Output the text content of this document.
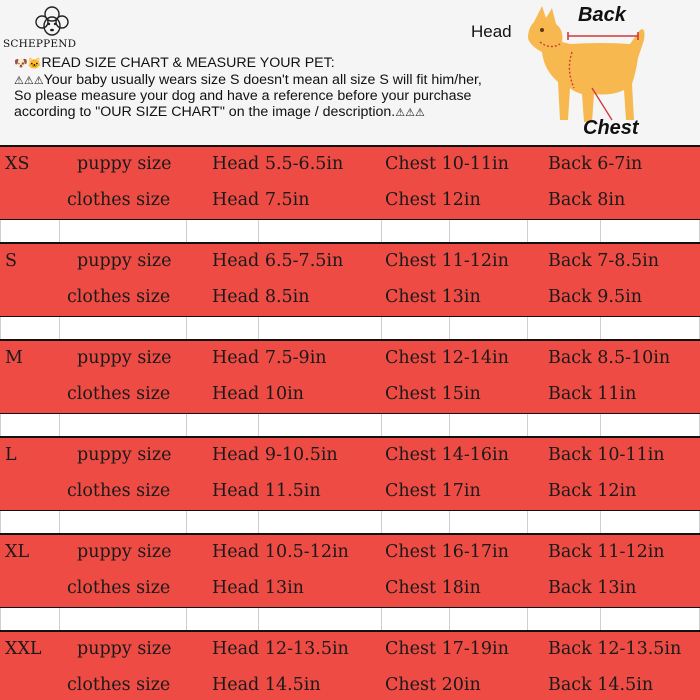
SCHEPPEND
🐶🐱READ SIZE CHART & MEASURE YOUR PET:
⚠⚠⚠Your baby usually wears size S doesn't mean all size S will fit him/her, So please measure your dog and have a reference before your purchase according to "OUR SIZE CHART" on the image / description.⚠⚠⚠
Head
Back
Chest
XS	puppy size Head 5.5-6.5in Chest 10-11in Back 6-7in
clothes size Head 7.5in	Chest 12in	Back 8in
S	puppy size Head 6.5-7.5in Chest 11-12in Back 7-8.5in
clothes size Head 8.5in	Chest 13in	Back 9.5in
M	puppy size Head 7.5-9in	Chest 12-14in Back 8.5-10in
clothes size Head 10in	Chest 15in	Back 11in
L	puppy size Head 9-10.5in	Chest 14-16in Back 10-11in
clothes size Head 11.5in	Chest 17in	Back 12in
XL	puppy size Head 10.5-12in Chest 16-17in Back 11-12in
clothes size Head 13in	Chest 18in	Back 13in
XXL puppy size Head 12-13.5in Chest 17-19in Back 12-13.5in
clothes size Head 14.5in	Chest 20in	Back 14.5in
